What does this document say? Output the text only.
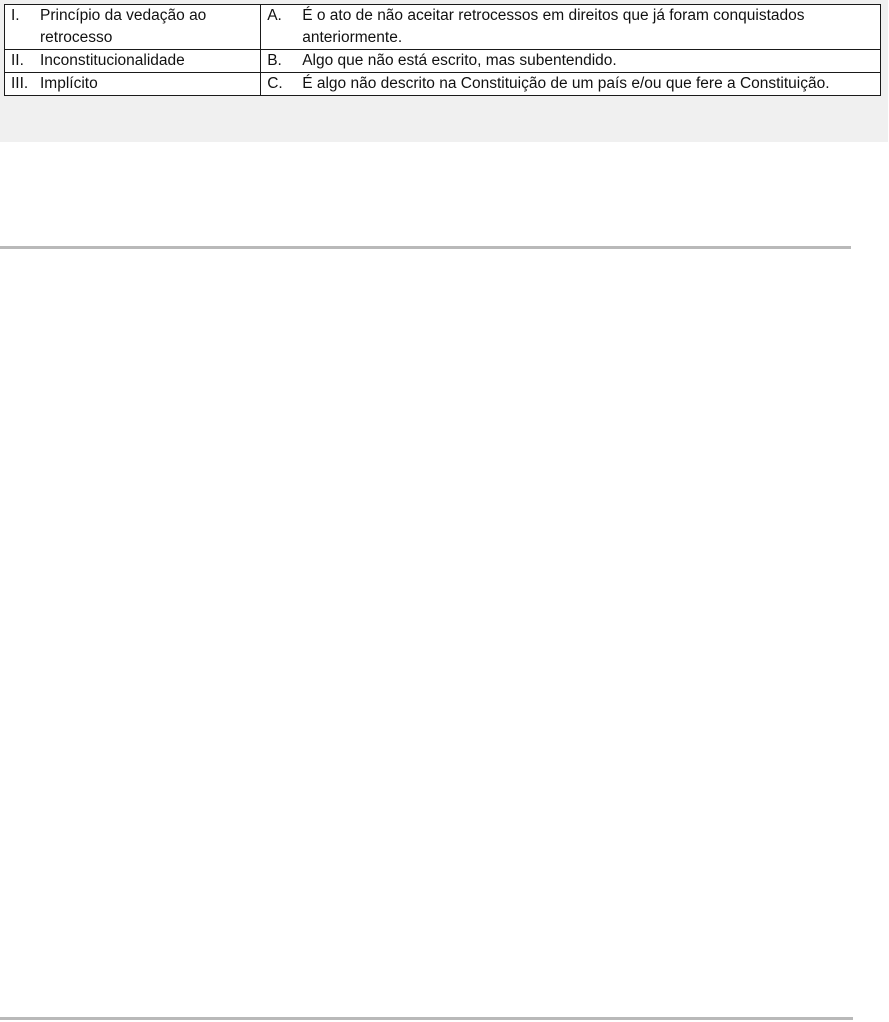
I. Princípio da vedação ao retrocesso	A. É o ato de não aceitar retrocessos em direitos que já foram conquistados anteriormente.

II. Inconstitucionalidade	B. Algo que não está escrito, mas subentendido.

III. Implícito	C. É algo não descrito na Constituição de um país e/ou que fere a Constituição.
